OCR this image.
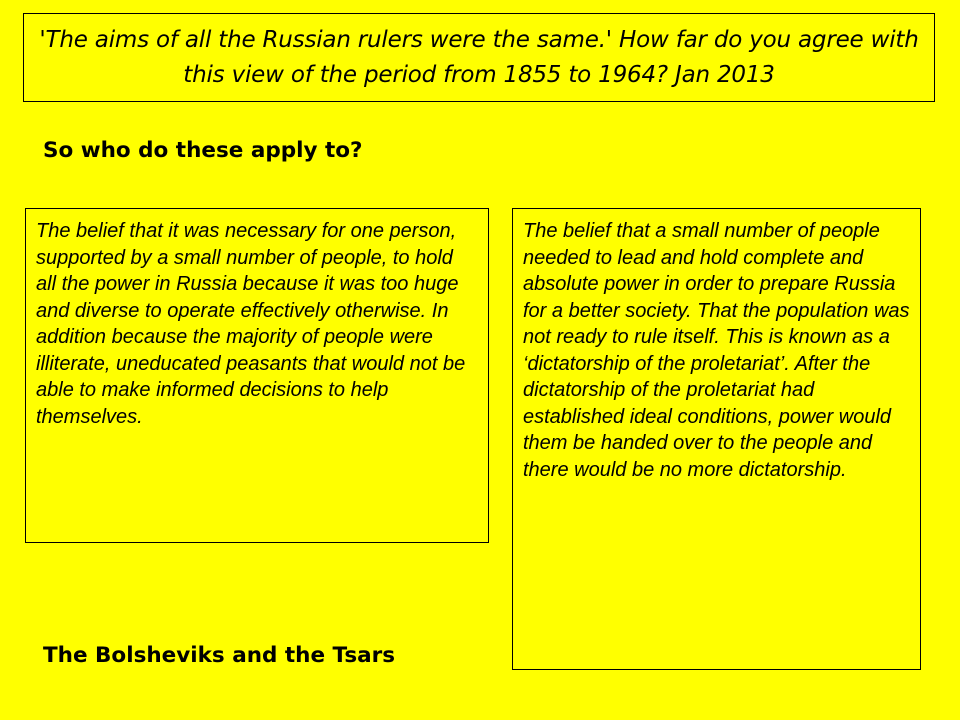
'The aims of all the Russian rulers were the same.' How far do you agree with this view of the period from 1855 to 1964? Jan 2013
So who do these apply to?
The belief that it was necessary for one person, supported by a small number of people, to hold all the power in Russia because it was too huge and diverse to operate effectively otherwise. In addition because the majority of people were illiterate, uneducated peasants that would not be able to make informed decisions to help themselves.
The belief that a small number of people needed to lead and hold complete and absolute power in order to prepare Russia for a better society. That the population was not ready to rule itself. This is known as a ‘dictatorship of the proletariat’. After the dictatorship of the proletariat had established ideal conditions, power would them be handed over to the people and there would be no more dictatorship.
The Bolsheviks and the Tsars
